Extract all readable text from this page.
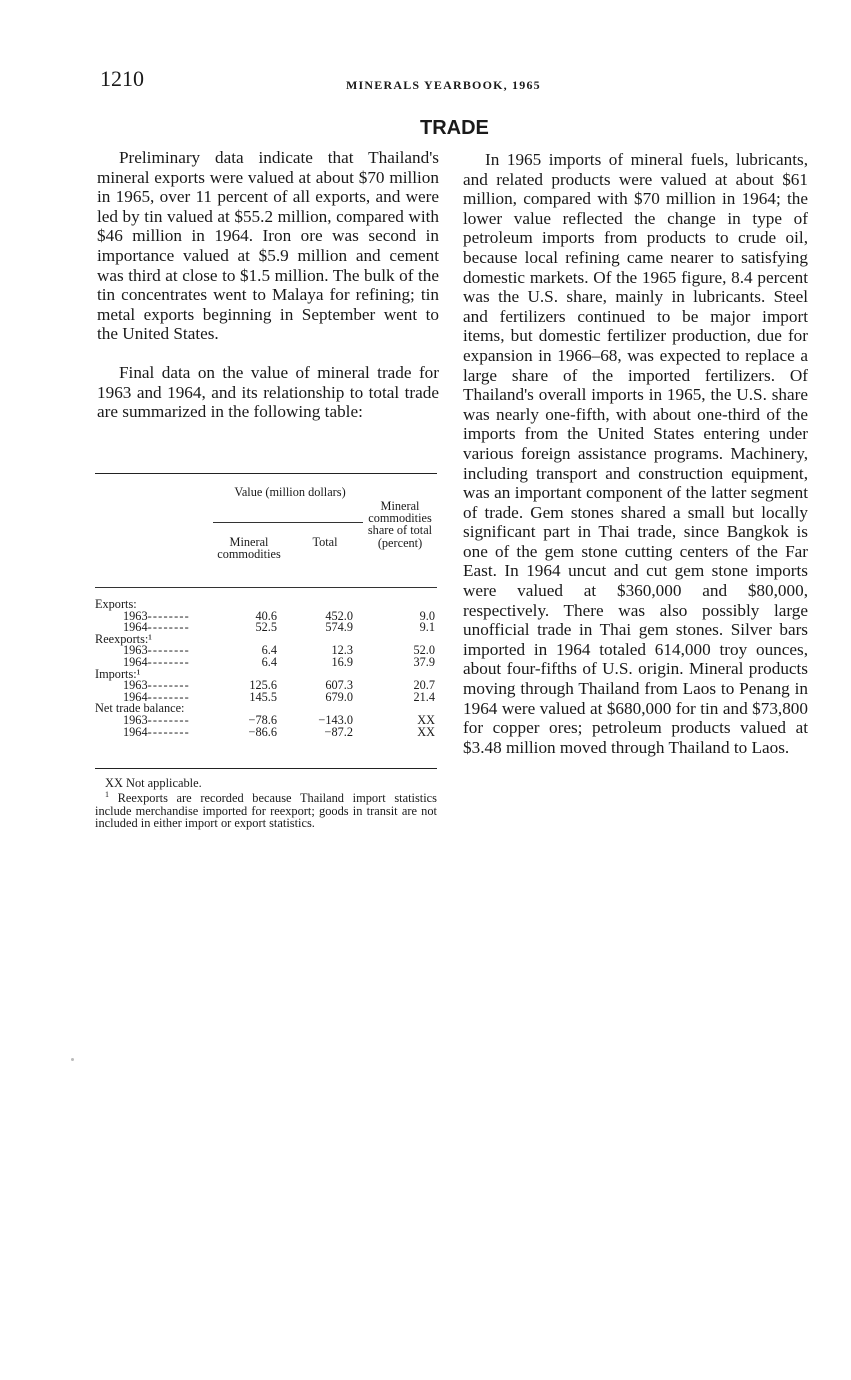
1210	MINERALS YEARBOOK, 1965
TRADE

Preliminary data indicate that Thailand's mineral exports were valued at about $70 million in 1965, over 11 percent of all exports, and were led by tin valued at $55.2 million, compared with $46 million in 1964. Iron ore was second in importance valued at $5.9 million and cement was third at close to $1.5 million. The bulk of the tin concentrates went to Malaya for refining; tin metal exports beginning in September went to the United States.

Final data on the value of mineral trade for 1963 and 1964, and its relationship to total trade are summarized in the following table:

Value (million dollars)
Mineral commodities
Total
Mineral commodities share of total (percent)
Exports:
1963--------	40.6	452.0	9.0
1964--------	52.5	574.9	9.1
Reexports:¹
1963--------	6.4	12.3	52.0
1964--------	6.4	16.9	37.9
Imports:¹
1963--------	125.6	607.3	20.7
1964--------	145.5	679.0	21.4
Net trade balance:
1963--------	−78.6	−143.0	XX
1964--------	−86.6	−87.2	XX
XX Not applicable.
$^1$ Reexports are recorded because Thailand import statistics include merchandise imported for reexport; goods in transit are not included in either import or export statistics.

In 1965 imports of mineral fuels, lubricants, and related products were valued at about $61 million, compared with $70 million in 1964; the lower value reflected the change in type of petroleum imports from products to crude oil, because local refining came nearer to satisfying domestic markets. Of the 1965 figure, 8.4 percent was the U.S. share, mainly in lubricants. Steel and fertilizers continued to be major import items, but domestic fertilizer production, due for expansion in 1966–68, was expected to replace a large share of the imported fertilizers. Of Thailand's overall imports in 1965, the U.S. share was nearly one-fifth, with about one-third of the imports from the United States entering under various foreign assistance programs. Machinery, including transport and construction equipment, was an important component of the latter segment of trade. Gem stones shared a small but locally significant part in Thai trade, since Bangkok is one of the gem stone cutting centers of the Far East. In 1964 uncut and cut gem stone imports were valued at $360,000 and $80,000, respectively. There was also possibly large unofficial trade in Thai gem stones. Silver bars imported in 1964 totaled 614,000 troy ounces, about four-fifths of U.S. origin. Mineral products moving through Thailand from Laos to Penang in 1964 were valued at $680,000 for tin and $73,800 for copper ores; petroleum products valued at $3.48 million moved through Thailand to Laos.
